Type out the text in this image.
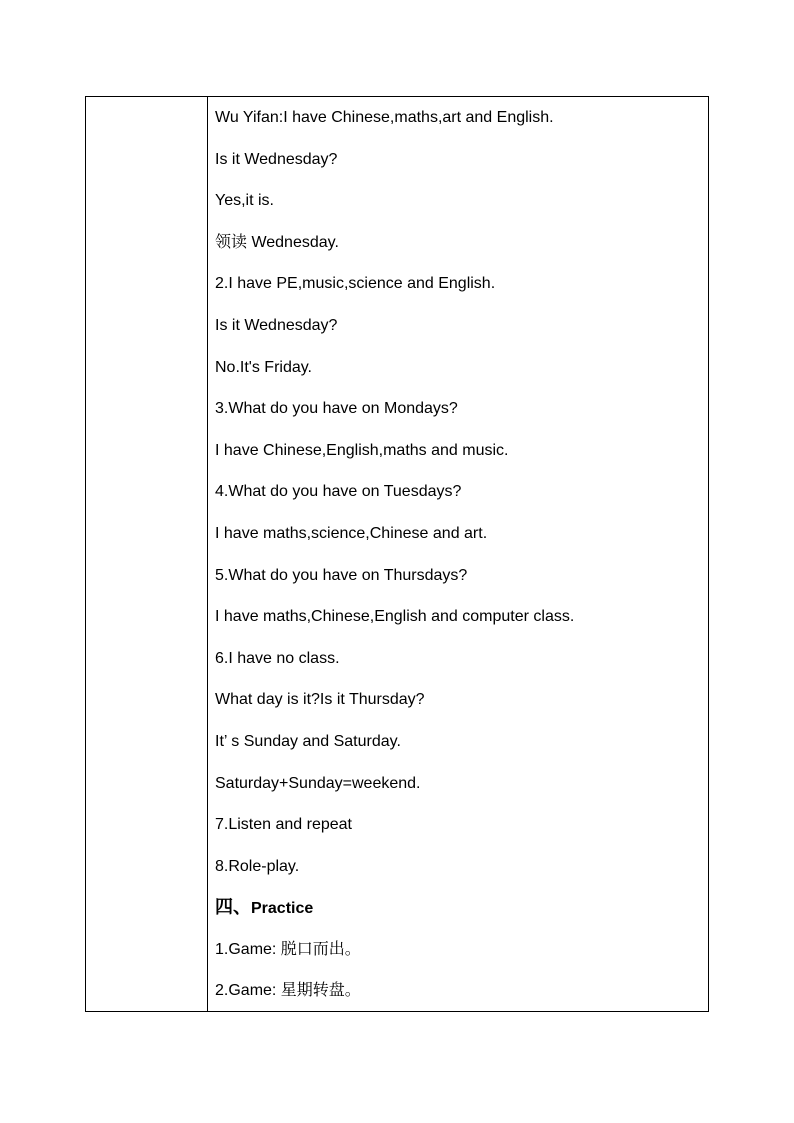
Wu Yifan:I have Chinese,maths,art and English.
Is it Wednesday?
Yes,it is.
领读 Wednesday.
2.I have PE,music,science and English.
Is it Wednesday?
No.It's Friday.
3.What do you have on Mondays?
I have Chinese,English,maths and music.
4.What do you have on Tuesdays?
I have maths,science,Chinese and art.
5.What do you have on Thursdays?
I have maths,Chinese,English and computer class.
6.I have no class.
What day is it?Is it Thursday?
It’ s Sunday and Saturday.
Saturday+Sunday=weekend.
7.Listen and repeat
8.Role-play.
四、Practice
1.Game: 脱口而出。
2.Game: 星期转盘。
